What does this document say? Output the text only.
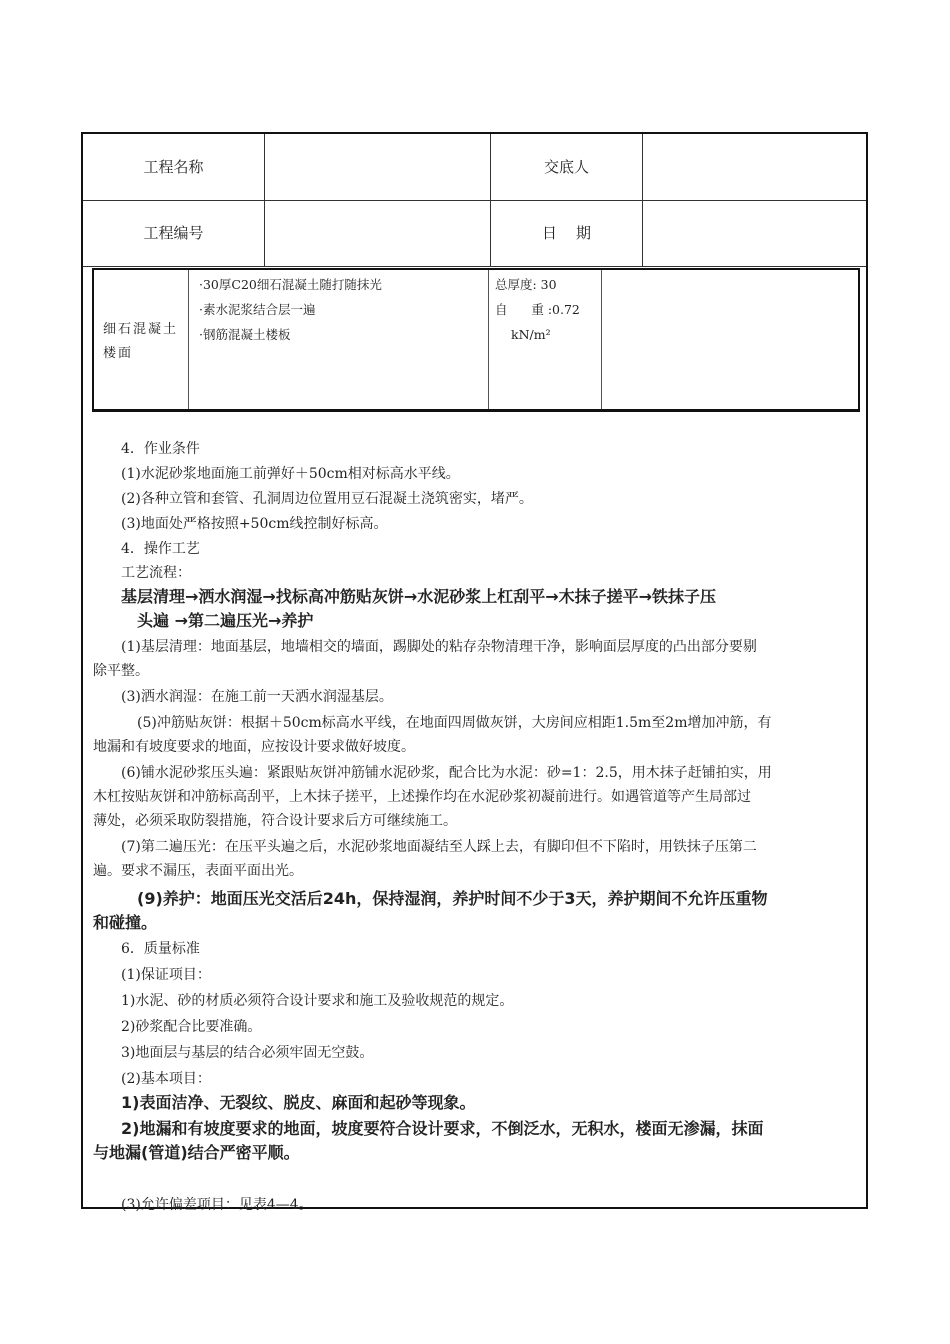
工程名称	交底人
工程编号	日    期
细石混凝土楼面
·30厚C20细石混凝土随打随抹光
·素水泥浆结合层一遍
·钢筋混凝土楼板
总厚度: 30
自      重 :0.72
kN/m²
4．作业条件
(1)水泥砂浆地面施工前弹好＋50cm相对标高水平线。
(2)各种立管和套管、孔洞周边位置用豆石混凝土浇筑密实，堵严。
(3)地面处严格按照+50cm线控制好标高。
4．操作工艺
工艺流程：
基层清理→洒水润湿→找标高冲筋贴灰饼→水泥砂浆上杠刮平→木抹子搓平→铁抹子压
头遍 →第二遍压光→养护
(1)基层清理：地面基层，地墙相交的墙面，踢脚处的粘存杂物清理干净，影响面层厚度的凸出部分要剔
除平整。
(3)洒水润湿：在施工前一天洒水润湿基层。
(5)冲筋贴灰饼：根据＋50cm标高水平线，在地面四周做灰饼，大房间应相距1.5m至2m增加冲筋，有
地漏和有坡度要求的地面，应按设计要求做好坡度。
(6)铺水泥砂浆压头遍：紧跟贴灰饼冲筋铺水泥砂浆，配合比为水泥：砂=1：2.5，用木抹子赶铺拍实，用
木杠按贴灰饼和冲筋标高刮平，上木抹子搓平，上述操作均在水泥砂浆初凝前进行。如遇管道等产生局部过
薄处，必须采取防裂措施，符合设计要求后方可继续施工。
(7)第二遍压光：在压平头遍之后，水泥砂浆地面凝结至人踩上去，有脚印但不下陷时，用铁抹子压第二
遍。要求不漏压，表面平面出光。
(9)养护：地面压光交活后24h，保持湿润，养护时间不少于3天，养护期间不允许压重物
和碰撞。
6．质量标准
(1)保证项目：
1)水泥、砂的材质必须符合设计要求和施工及验收规范的规定。
2)砂浆配合比要准确。
3)地面层与基层的结合必须牢固无空鼓。
(2)基本项目：
1)表面洁净、无裂纹、脱皮、麻面和起砂等现象。
2)地漏和有坡度要求的地面，坡度要符合设计要求，不倒泛水，无积水，楼面无渗漏，抹面
与地漏(管道)结合严密平顺。
(3)允许偏差项目：见表4—4。
